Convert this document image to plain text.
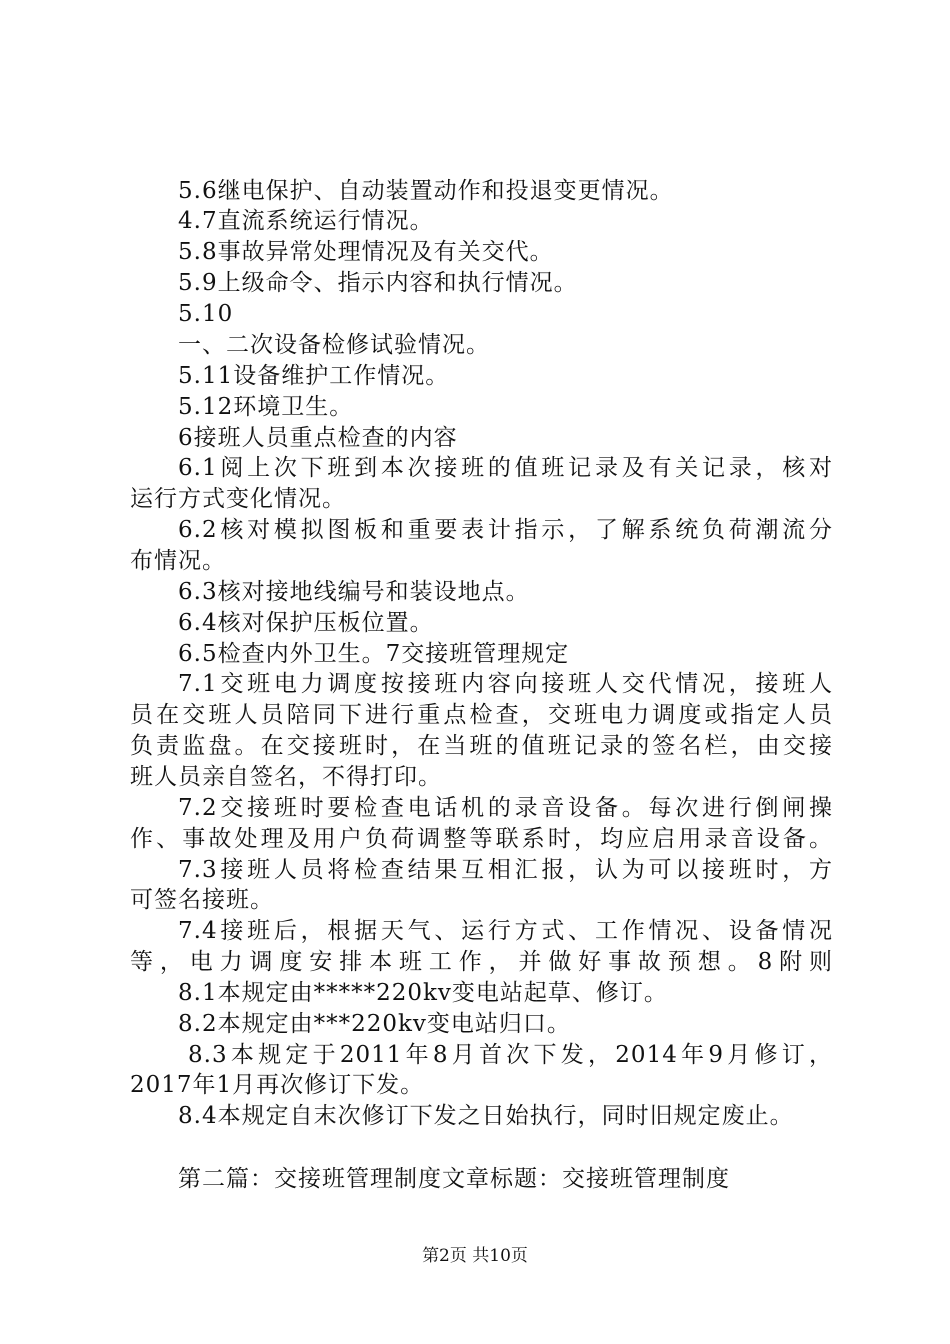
5.6继电保护、自动装置动作和投退变更情况。
4.7直流系统运行情况。
5.8事故异常处理情况及有关交代。
5.9上级命令、指示内容和执行情况。
5.10
一、二次设备检修试验情况。
5.11设备维护工作情况。
5.12环境卫生。
6接班人员重点检查的内容
6.1阅上次下班到本次接班的值班记录及有关记录，核对
运行方式变化情况。
6.2核对模拟图板和重要表计指示，了解系统负荷潮流分
布情况。
6.3核对接地线编号和装设地点。
6.4核对保护压板位置。
6.5检查内外卫生。7交接班管理规定
7.1交班电力调度按接班内容向接班人交代情况，接班人
员在交班人员陪同下进行重点检查，交班电力调度或指定人员
负责监盘。在交接班时，在当班的值班记录的签名栏，由交接
班人员亲自签名，不得打印。
7.2交接班时要检查电话机的录音设备。每次进行倒闸操
作、事故处理及用户负荷调整等联系时，均应启用录音设备。
7.3接班人员将检查结果互相汇报，认为可以接班时，方
可签名接班。
7.4接班后，根据天气、运行方式、工作情况、设备情况
等，电力调度安排本班工作，并做好事故预想。8附则
8.1本规定由*****220kv变电站起草、修订。
8.2本规定由***220kv变电站归口。
8.3本规定于2011年8月首次下发，2014年9月修订，
2017年1月再次修订下发。
8.4本规定自末次修订下发之日始执行，同时旧规定废止。
第二篇：交接班管理制度文章标题：交接班管理制度
第2页 共10页
